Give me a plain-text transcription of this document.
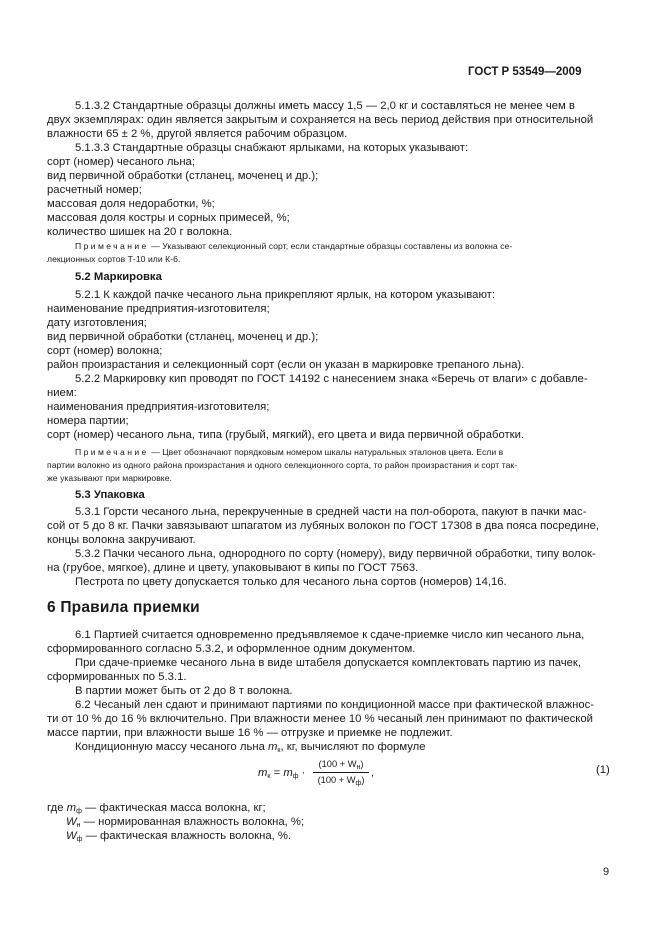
ГОСТ Р 53549—2009
5.1.3.2 Стандартные образцы должны иметь массу 1,5 — 2,0 кг и составляться не менее чем в
двух экземплярах: один является закрытым и сохраняется на весь период действия при относительной
влажности 65 ± 2 %, другой является рабочим образцом.
5.1.3.3 Стандартные образцы снабжают ярлыками, на которых указывают:
сорт (номер) чесаного льна;
вид первичной обработки (стланец, моченец и др.);
расчетный номер;
массовая доля недоработки, %;
массовая доля костры и сорных примесей, %;
количество шишек на 20 г волокна.
Примечание — Указывают селекционный сорт, если стандартные образцы составлены из волокна се-
лекционных сортов Т-10 или К-6.
5.2 Маркировка
5.2.1 К каждой пачке чесаного льна прикрепляют ярлык, на котором указывают:
наименование предприятия-изготовителя;
дату изготовления;
вид первичной обработки (стланец, моченец и др.);
сорт (номер) волокна;
район произрастания и селекционный сорт (если он указан в маркировке трепаного льна).
5.2.2 Маркировку кип проводят по ГОСТ 14192 с нанесением знака «Беречь от влаги» с добавле-
нием:
наименования предприятия-изготовителя;
номера партии;
сорт (номер) чесаного льна, типа (грубый, мягкий), его цвета и вида первичной обработки.
Примечание — Цвет обозначают порядковым номером шкалы натуральных эталонов цвета. Если в
партии волокно из одного района произрастания и одного селекционного сорта, то район произрастания и сорт так-
же указывают при маркировке.
5.3 Упаковка
5.3.1 Горсти чесаного льна, перекрученные в средней части на пол-оборота, пакуют в пачки мас-
сой от 5 до 8 кг. Пачки завязывают шпагатом из лубяных волокон по ГОСТ 17308 в два пояса посредине,
концы волокна закручивают.
5.3.2 Пачки чесаного льна, однородного по сорту (номеру), виду первичной обработки, типу волок-
на (грубое, мягкое), длине и цвету, упаковывают в кипы по ГОСТ 7563.
Пестрота по цвету допускается только для чесаного льна сортов (номеров) 14,16.
6 Правила приемки
6.1 Партией считается одновременно предъявляемое к сдаче-приемке число кип чесаного льна,
сформированного согласно 5.3.2, и оформленное одним документом.
При сдаче-приемке чесаного льна в виде штабеля допускается комплектовать партию из пачек,
сформированных по 5.3.1.
В партии может быть от 2 до 8 т волокна.
6.2 Чесаный лен сдают и принимают партиями по кондиционной массе при фактической влажнос-
ти от 10 % до 16 % включительно. При влажности менее 10 % чесаный лен принимают по фактической
массе партии, при влажности выше 16 % — отгрузке и приемке не подлежит.
Кондиционную массу чесаного льна $m_к$, кг, вычисляют по формуле
$m_к = m_ф$ ·
$(100 + W_н)$
$(100 + W_ф)$
,	(1)
где $m_ф$ — фактическая масса волокна, кг;
$W_н$ — нормированная влажность волокна, %;
$W_ф$ — фактическая влажность волокна, %.
9
